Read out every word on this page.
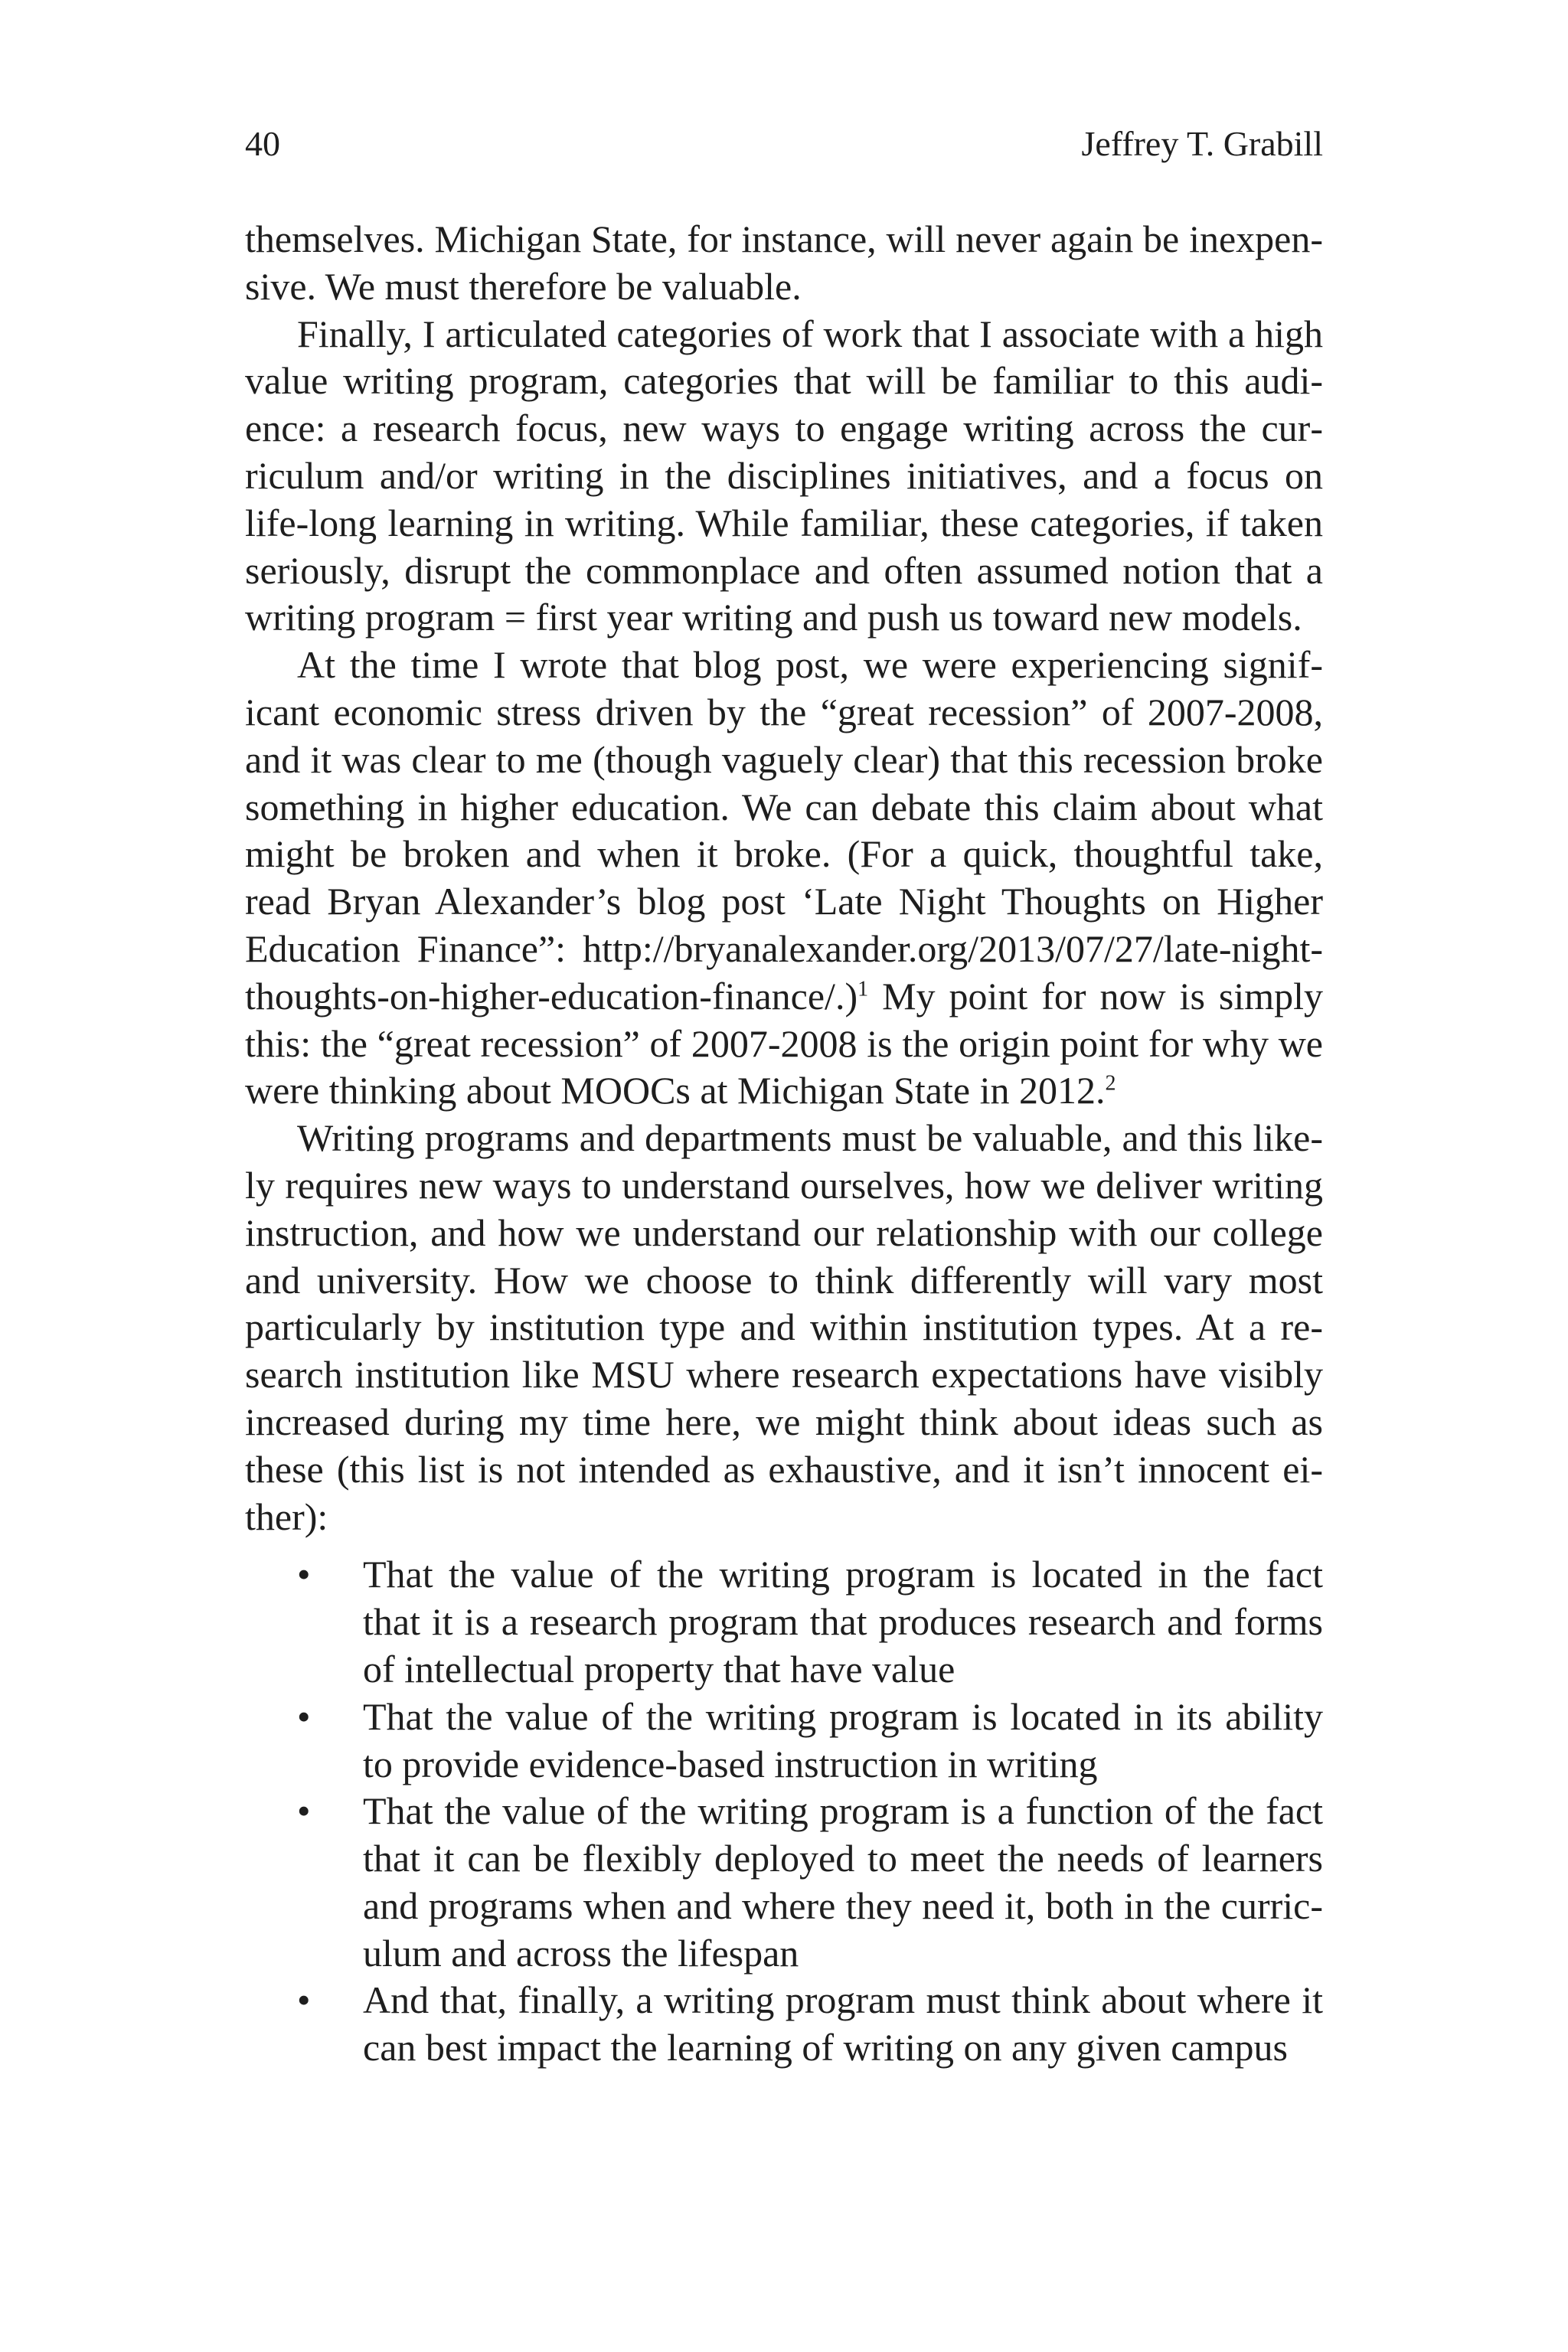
40	Jeffrey T. Grabill

themselves. Michigan State, for instance, will never again be inexpensive. We must therefore be valuable.

Finally, I articulated categories of work that I associate with a high value writing program, categories that will be familiar to this audience: a research focus, new ways to engage writing across the curriculum and/or writing in the disciplines initiatives, and a focus on life-long learning in writing. While familiar, these categories, if taken seriously, disrupt the commonplace and often assumed notion that a writing program = first year writing and push us toward new models.

At the time I wrote that blog post, we were experiencing significant economic stress driven by the “great recession” of 2007-2008, and it was clear to me (though vaguely clear) that this recession broke something in higher education. We can debate this claim about what might be broken and when it broke. (For a quick, thoughtful take, read Bryan Alexander’s blog post ‘Late Night Thoughts on Higher Education Finance”: http://bryanalexander.org/2013/07/27/late-night-thoughts-on-higher-education-finance/.)$^1$ My point for now is simply this: the “great recession” of 2007-2008 is the origin point for why we were thinking about MOOCs at Michigan State in 2012.$^2$

Writing programs and departments must be valuable, and this likely requires new ways to understand ourselves, how we deliver writing instruction, and how we understand our relationship with our college and university. How we choose to think differently will vary most particularly by institution type and within institution types. At a research institution like MSU where research expectations have visibly increased during my time here, we might think about ideas such as these (this list is not intended as exhaustive, and it isn’t innocent either):

• That the value of the writing program is located in the fact that it is a research program that produces research and forms of intellectual property that have value
• That the value of the writing program is located in its ability to provide evidence-based instruction in writing
• That the value of the writing program is a function of the fact that it can be flexibly deployed to meet the needs of learners and programs when and where they need it, both in the curriculum and across the lifespan
• And that, finally, a writing program must think about where it can best impact the learning of writing on any given campus
